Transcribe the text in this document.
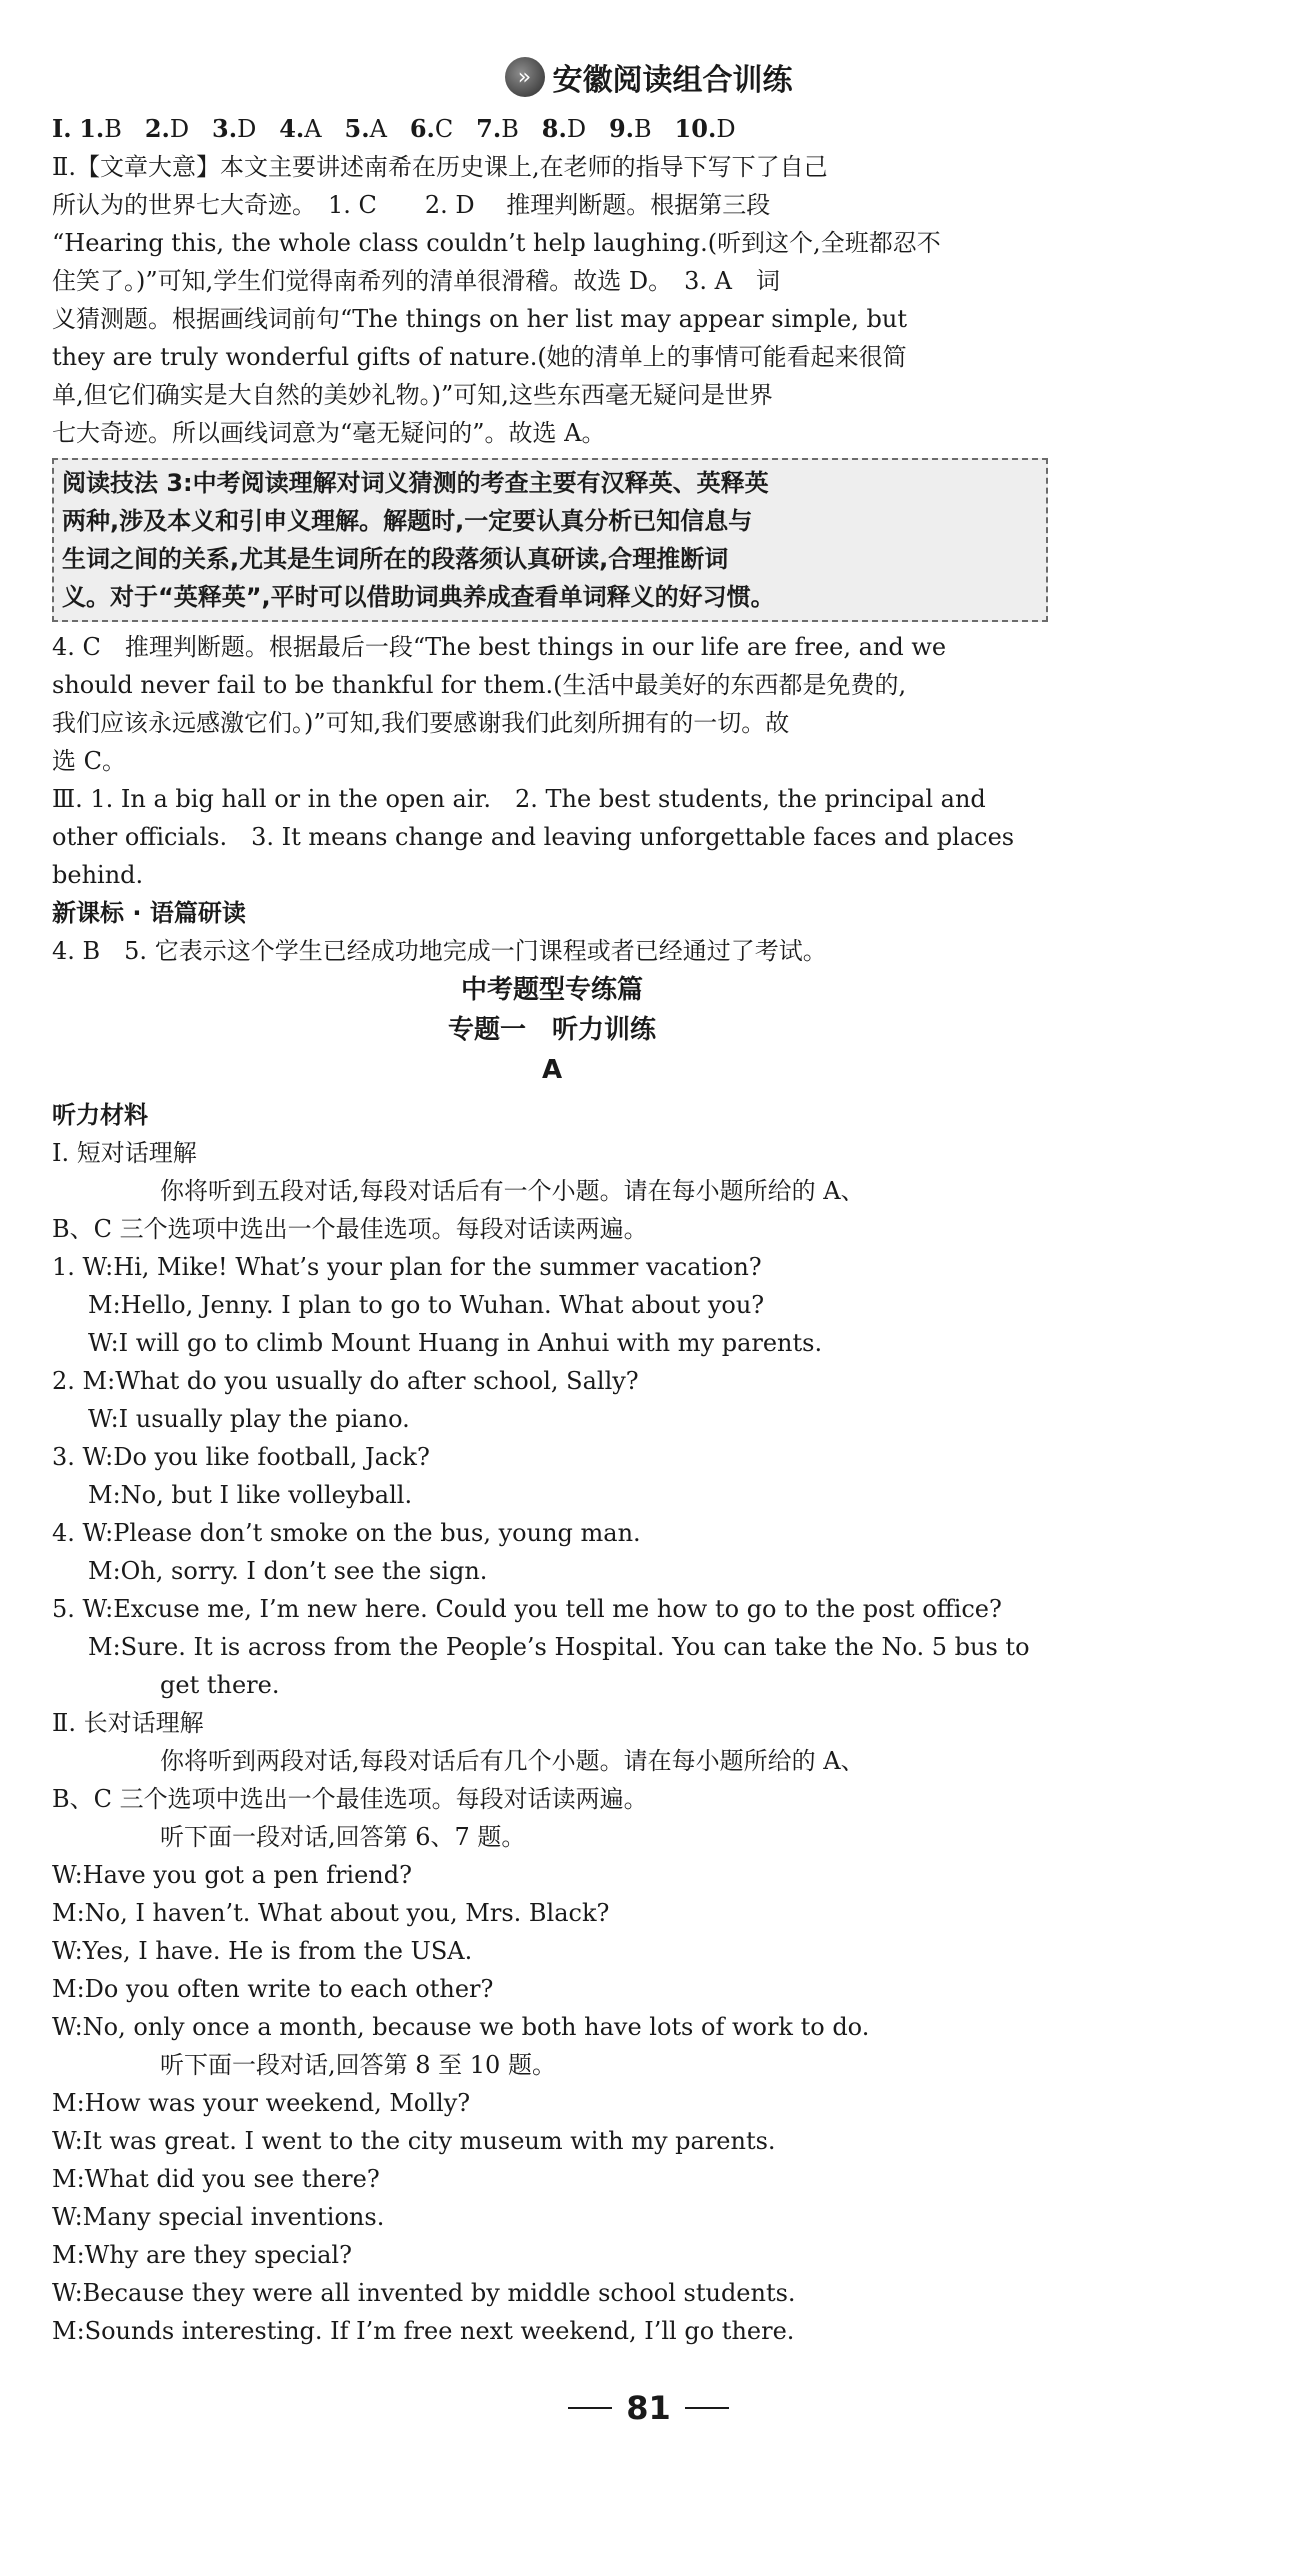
» 安徽阅读组合训练
Ⅰ. 1.B 2.D 3.D 4.A 5.A 6.C 7.B 8.D 9.B 10.D
Ⅱ.【文章大意】本文主要讲述南希在历史课上,在老师的指导下写下了自己
所认为的世界七大奇迹。　1. C　　2. D　 推理判断题。根据第三段
“Hearing this, the whole class couldn’t help laughing.(听到这个,全班都忍不
住笑了。)”可知,学生们觉得南希列的清单很滑稽。故选 D。　3. A　词
义猜测题。根据画线词前句“The things on her list may appear simple, but
they are truly wonderful gifts of nature.(她的清单上的事情可能看起来很简
单,但它们确实是大自然的美妙礼物。)”可知,这些东西毫无疑问是世界
七大奇迹。所以画线词意为“毫无疑问的”。故选 A。
阅读技法 3:中考阅读理解对词义猜测的考查主要有汉释英、英释英
两种,涉及本义和引申义理解。解题时,一定要认真分析已知信息与
生词之间的关系,尤其是生词所在的段落须认真研读,合理推断词
义。对于“英释英”,平时可以借助词典养成查看单词释义的好习惯。
4. C　推理判断题。根据最后一段“The best things in our life are free, and we
should never fail to be thankful for them.(生活中最美好的东西都是免费的,
我们应该永远感激它们。)”可知,我们要感谢我们此刻所拥有的一切。故
选 C。
Ⅲ. 1. In a big hall or in the open air.　2. The best students, the principal and
other officials.　3. It means change and leaving unforgettable faces and places
behind.
新课标 · 语篇研读
4. B　5. 它表示这个学生已经成功地完成一门课程或者已经通过了考试。
中考题型专练篇
专题一　听力训练
A
听力材料
Ⅰ. 短对话理解
你将听到五段对话,每段对话后有一个小题。请在每小题所给的 A、
B、C 三个选项中选出一个最佳选项。每段对话读两遍。
1. W:Hi, Mike! What’s your plan for the summer vacation?
M:Hello, Jenny. I plan to go to Wuhan. What about you?
W:I will go to climb Mount Huang in Anhui with my parents.
2. M:What do you usually do after school, Sally?
W:I usually play the piano.
3. W:Do you like football, Jack?
M:No, but I like volleyball.
4. W:Please don’t smoke on the bus, young man.
M:Oh, sorry. I don’t see the sign.
5. W:Excuse me, I’m new here. Could you tell me how to go to the post office?
M:Sure. It is across from the People’s Hospital. You can take the No. 5 bus to
get there.
Ⅱ. 长对话理解
你将听到两段对话,每段对话后有几个小题。请在每小题所给的 A、
B、C 三个选项中选出一个最佳选项。每段对话读两遍。
听下面一段对话,回答第 6、7 题。
W:Have you got a pen friend?
M:No, I haven’t. What about you, Mrs. Black?
W:Yes, I have. He is from the USA.
M:Do you often write to each other?
W:No, only once a month, because we both have lots of work to do.
听下面一段对话,回答第 8 至 10 题。
M:How was your weekend, Molly?
W:It was great. I went to the city museum with my parents.
M:What did you see there?
W:Many special inventions.
M:Why are they special?
W:Because they were all invented by middle school students.
M:Sounds interesting. If I’m free next weekend, I’ll go there.
81
